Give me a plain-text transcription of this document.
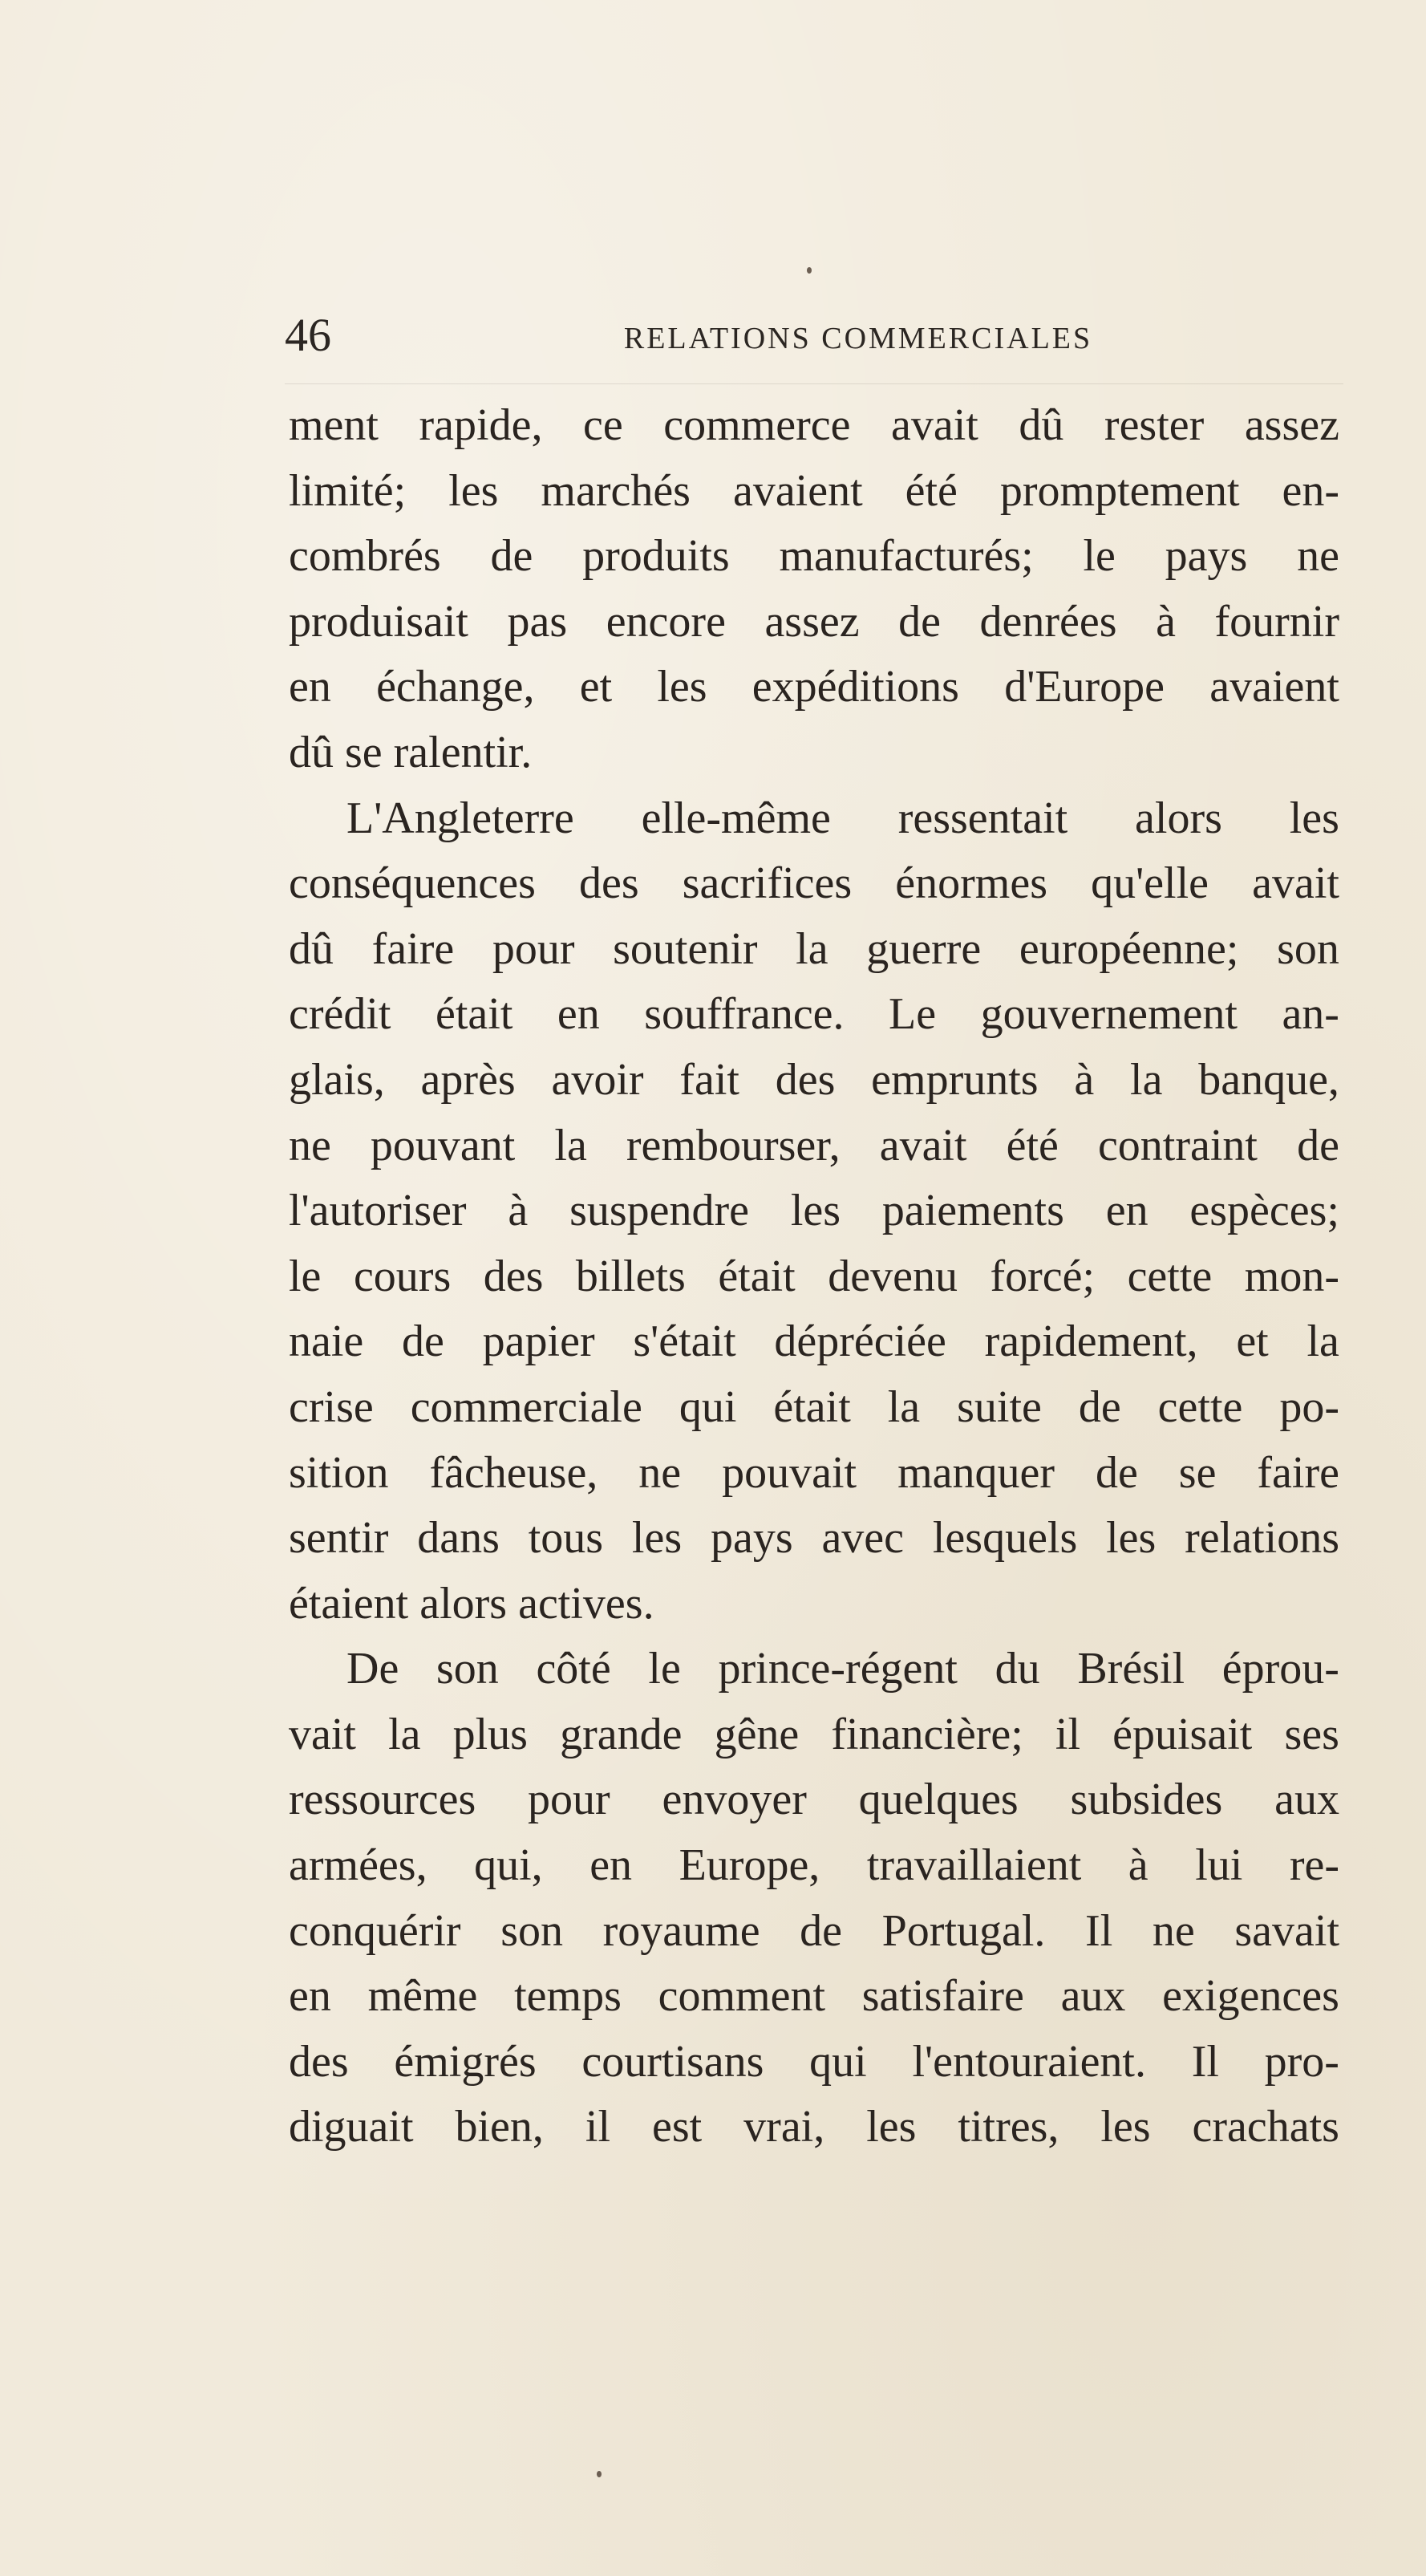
46	RELATIONS COMMERCIALES
ment rapide, ce commerce avait dû rester assez
limité; les marchés avaient été promptement en-
combrés de produits manufacturés; le pays ne
produisait pas encore assez de denrées à fournir
en échange, et les expéditions d'Europe avaient
dû se ralentir.
L'Angleterre elle-même ressentait alors les
conséquences des sacrifices énormes qu'elle avait
dû faire pour soutenir la guerre européenne; son
crédit était en souffrance. Le gouvernement an-
glais, après avoir fait des emprunts à la banque,
ne pouvant la rembourser, avait été contraint de
l'autoriser à suspendre les paiements en espèces;
le cours des billets était devenu forcé; cette mon-
naie de papier s'était dépréciée rapidement, et la
crise commerciale qui était la suite de cette po-
sition fâcheuse, ne pouvait manquer de se faire
sentir dans tous les pays avec lesquels les relations
étaient alors actives.
De son côté le prince-régent du Brésil éprou-
vait la plus grande gêne financière; il épuisait ses
ressources pour envoyer quelques subsides aux
armées, qui, en Europe, travaillaient à lui re-
conquérir son royaume de Portugal. Il ne savait
en même temps comment satisfaire aux exigences
des émigrés courtisans qui l'entouraient. Il pro-
diguait bien, il est vrai, les titres, les crachats
